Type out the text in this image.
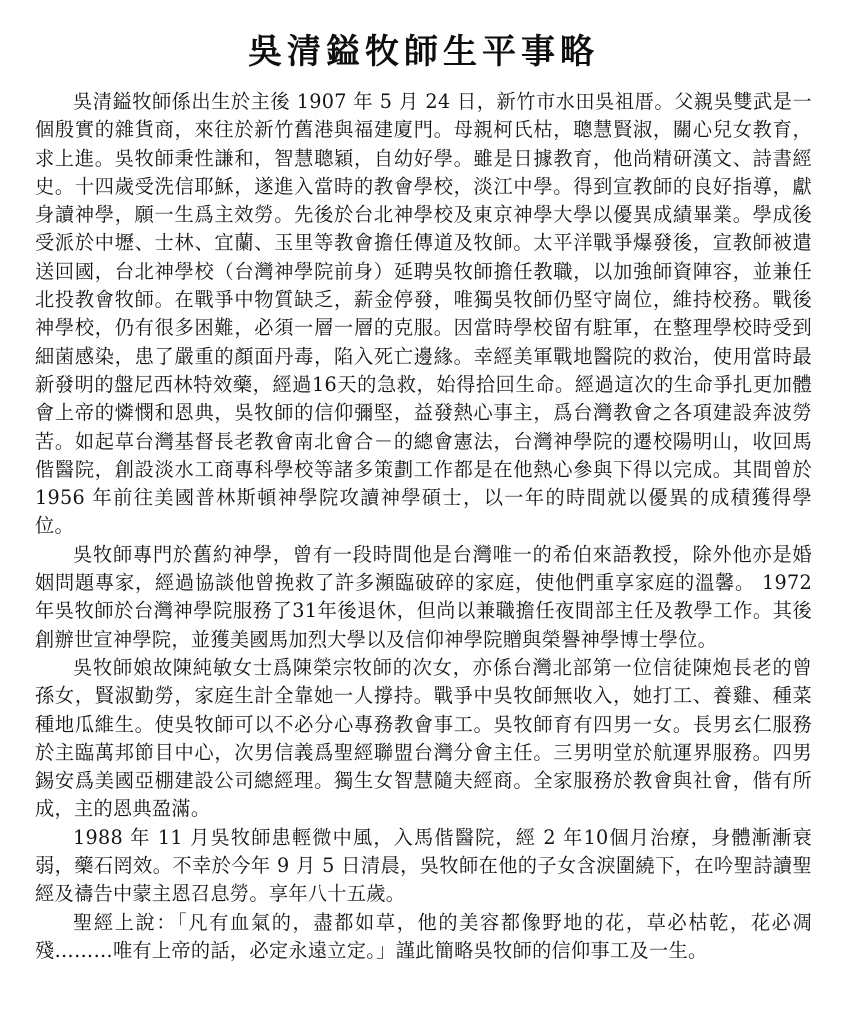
吳清鎰牧師生平事略

吳清鎰牧師係出生於主後 1907 年 5 月 24 日，新竹市水田吳祖厝。父親吳雙武是一個殷實的雜貨商，來往於新竹舊港與福建廈門。母親柯氏枯，聰慧賢淑，關心兒女教育，求上進。吳牧師秉性謙和，智慧聰穎，自幼好學。雖是日據教育，他尚精研漢文、詩書經史。十四歲受洗信耶穌，遂進入當時的教會學校，淡江中學。得到宣教師的良好指導，獻身讀神學，願一生爲主效勞。先後於台北神學校及東京神學大學以優異成績畢業。學成後受派於中壢、士林、宜蘭、玉里等教會擔任傳道及牧師。太平洋戰爭爆發後，宣教師被遣送回國，台北神學校（台灣神學院前身）延聘吳牧師擔任教職，以加強師資陣容，並兼任北投教會牧師。在戰爭中物質缺乏，薪金停發，唯獨吳牧師仍堅守崗位，維持校務。戰後神學校，仍有很多困難，必須一層一層的克服。因當時學校留有駐軍，在整理學校時受到細菌感染，患了嚴重的顏面丹毒，陷入死亡邊緣。幸經美軍戰地醫院的救治，使用當時最新發明的盤尼西林特效藥，經過16天的急救，始得拾回生命。經過這次的生命爭扎更加體會上帝的憐憫和恩典，吳牧師的信仰彌堅，益發熱心事主，爲台灣教會之各項建設奔波勞苦。如起草台灣基督長老教會南北會合－的總會憲法，台灣神學院的遷校陽明山，收回馬偕醫院，創設淡水工商專科學校等諸多策劃工作都是在他熱心參與下得以完成。其間曾於 1956 年前往美國普林斯頓神學院攻讀神學碩士，以一年的時間就以優異的成積獲得學位。

吳牧師專門於舊約神學，曾有一段時間他是台灣唯一的希伯來語教授，除外他亦是婚姻問題專家，經過協談他曾挽救了許多瀕臨破碎的家庭，使他們重享家庭的溫馨。 1972 年吳牧師於台灣神學院服務了31年後退休，但尚以兼職擔任夜間部主任及教學工作。其後創辦世宣神學院，並獲美國馬加烈大學以及信仰神學院贈與榮譽神學博士學位。

吳牧師娘故陳純敏女士爲陳榮宗牧師的次女，亦係台灣北部第一位信徒陳炮長老的曾孫女，賢淑勤勞，家庭生計全靠她一人撐持。戰爭中吳牧師無收入，她打工、養雞、種菜種地瓜維生。使吳牧師可以不必分心專務教會事工。吳牧師育有四男一女。長男玄仁服務於主臨萬邦節目中心，次男信義爲聖經聯盟台灣分會主任。三男明堂於航運界服務。四男錫安爲美國亞棚建設公司總經理。獨生女智慧隨夫經商。全家服務於教會與社會，偕有所成，主的恩典盈滿。

1988 年 11 月吳牧師患輕微中風，入馬偕醫院，經 2 年10個月治療，身體漸漸衰弱，藥石罔效。不幸於今年 9 月 5 日清晨，吳牧師在他的子女含淚圍繞下，在吟聖詩讀聖經及禱告中蒙主恩召息勞。享年八十五歲。

聖經上說：「凡有血氣的，盡都如草，他的美容都像野地的花，草必枯乾，花必凋殘………唯有上帝的話，必定永遠立定。」謹此簡略吳牧師的信仰事工及一生。
